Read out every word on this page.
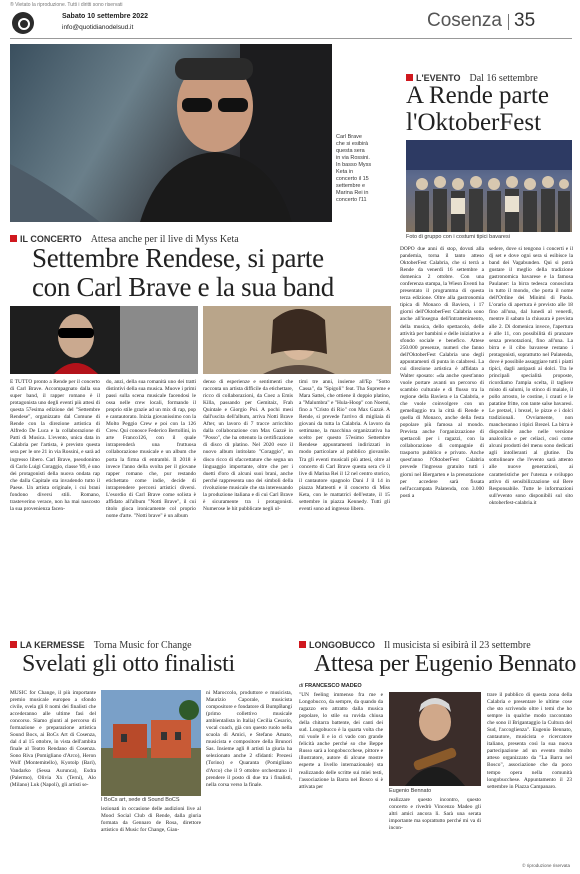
® Vietato la riproduzione. Tutti i diritti sono riservati
Sabato 10 settembre 2022
info@quotidianodelsud.it	Cosenza 35
Carl Brave
che si esibirà
questa sera
in via Rossini.
In basso Myss
Keta in
concerto il 15
settembre e
Marina Rei in
concerto l'11
L'EVENTO Dal 16 settembre
A Rende parte
l'OktoberFest
Foto di gruppo con i costumi tipici bavaresi
IL CONCERTO Attesa anche per il live di Myss Keta
Settembre Rendese, si parte
con Carl Brave e la sua band

È TUTTO pronto a Rende per il concerto di Carl Brave. Accompagnato dalla sua super band, il rapper romano è il protagonista uno degli eventi più attesi di questa 57esima edizione del "Settembre Rendese", organizzato dal Comune di Rende con la direzione artistica di Alfredo De Luca e la collaborazione di Patti di Musica. L'evento, unica data in Calabria per l'artista, è previsto questa sera per le ore 21 in via Rossini, e sarà ad ingresso libero. Carl Brave, pseudonimo di Carlo Luigi Coraggio, classe '89, è uno dei protagonisti della nuova ondata rap che dalla Capitale sta invadendo tutto il Paese. Un artista originale, i cui brani fondono diversi stili. Romano, trasteverino verace, non ha mai nascosto la sua provenienza facen-

do, anzi, della sua romanità uno dei tratti distintivi della sua musica. Muove i primi passi sulla scena musicale facendosi le ossa nelle crew locali, formando il proprio stile grazie ad un mix di rap, pop e cantautorato. Inizia giovanissimo con la Molto Peggio Crew e poi con la 126 Crew. Qui conosce Federico Bertollini, in arte Franco126, con il quale intraprenderà una fruttuosa collaborazione musicale e un album che porta la firma di entrambi. Il 2018 è invece l'anno della svolta per il giovane rapper romano che, pur restando etichettato come indie, decide di intraprendere percorsi artistici diversi. L'esordio di Carl Brave come solista è affidato all'album "Notti Brave", il cui titolo gioca ironicamente col proprio nome d'arte. "Notti brave" è un album

denso di esperienze e sentimenti che racconta un artista difficile da etichettare, ricco di collaborazioni, da Coez a Emis Killa, passando per Gemitaiz, Frah Quintale e Giorgio Poi. A pochi mesi dall'uscita dell'album, arriva Notti Brave After, un lavoro di 7 tracce arricchito dalla collaborazione con Max Gazzè in "Posso", che ha ottenuto la certificazione di disco di platino. Nel 2020 esce il nuovo album intitolato "Coraggio", un disco ricco di sfaccettature che segna un linguaggio importante, oltre che per i duetti d'oro di alcuni suoi brani, anche perché rappresenta uno dei simboli della rivoluzione musicale che sta interessando la produzione italiana e di cui Carl Brave è sicuramente tra i protagonisti. Numerose le hit pubblicate negli ul-

timi tre anni, insieme all'Ep "Sotto Cassa", da "Spigoli" feat. Tha Supreme e Mara Sattei, che ottiene il doppio platino, a "Malumbra" e "Hula-Hoop" con Noemi, fino a "Cristo di Rio" con Max Gazzè. A Rende, si prevede l'arrivo di migliaia di giovani da tutta la Calabria. A lavoro da settimane, la macchina organizzativa ha scelto per questo 57esimo Settembre Rendese appuntamenti indirizzati in modo particolare al pubblico giovanile. Tra gli eventi musicali più attesi, oltre al concerto di Carl Brave questa sera c'è il live di Marina Rei il 12 nel centro storico, il cantautore spagnolo Dani J il 14 in piazza Matteotti e il concerto di Miss Keta, con le mattatrici dell'estate, il 15 settembre in piazza Kennedy. Tutti gli eventi sono ad ingresso libero.

DOPO due anni di stop, dovuti alla pandemia, torna il tanto atteso OktoberFest Calabria, che si terrà a Rende da venerdì 16 settembre a domenica 2 ottobre. Con una conferenza stampa, la Wiesn Eventi ha presentato il programma di questa terza edizione. Oltre alla gastronomia tipica di Monaco di Baviera, i 17 giorni dell'OktoberFest Calabria sono anche all'insegna dell'intrattenimento, della musica, dello spettacolo, delle attività per bambini e delle iniziative a sfondo sociale e benefico. Attese 250.000 presenze, numeri che fanno dell'OktoberFest Calabria uno degli appuntamenti di punta in calabresi. La cui direzione artistica è affidata a Walter sposato: «da anche quest'anno vuole portare avanti un percorso di scambio culturale e di flusso tra la regione della Baviera e la Calabria, e che vuole coinvolgere con un gemellaggio tra la città di Rende e quella di Monaco, anche della festa popolare più famosa al mondo. Prevista anche l'organizzazione di spettacoli per i ragazzi, con la collaborazione di compagnie di trasporto pubblico e privato. Anche quest'anno l'OktoberFest Calabria prevede l'ingresso gratuito tutti i giorni nel Biergarten e la prenotazione per accedere sarà fissata nell'accampata Palatenda, con 3.000 posti a

sedere, dove si tengono i concerti e il dj set e dove ogni sera si esibisce la band dei Vagabunden. Qui si potrà gustare il meglio della tradizione gastronomica bavarese e la famosa Paulaner: la birra tedesca conosciuta in tutto il mondo, che porta il nome dell'Ordine dei Minimi di Paola. L'orario di apertura è previsto alle 18 fino all'una, dal lunedì al venerdì, mentre il sabato la chiusura è prevista alle 2. Di domenica invece, l'apertura è alle 11, con possibilità di pranzare senza prenotazioni, fino all'una. La birra e il cibo bavarese restano i protagonisti, soprattutto nel Palatenda, dove è possibile assaggiare tutti i piatti tipici, dagli antipasti ai dolci. Tra le principali specialità proposte, ricordiamo l'ampia scelta, il tagliere misto di salumi, lo stinco di maiale, il pollo arrosto, le costine, i crauti e le patatine fritte, con tante salse bavaresi. Le pretzel, i brezel, le pizze e i dolci tradizionali. Ovviamente, non mancheranno i tipici Brezel. La birra è disponibile anche nelle versione analcolica e per celiaci, così come alcuni prodotti del menu sono dedicati agli intolleranti al glutine. Da sottolineare che l'evento sarà attento alle nuove generazioni, ai caratteristiche per l'utenza e sviluppo attivo di sensibilizzazione sul Bere Responsabile. Tutte le informazioni sull'evento sono disponibili sul sito oktoberfest-calabria.it

LA KERMESSE Torna Music for Change
Svelati gli otto finalisti

MUSIC for Change, il più importante premio musicale europeo a sfondo civile, svela gli 8 nomi dei finalisti che accederanno alle ultime fasi del concorso. Siamo giunti al percorso di formazione e preparazione artistica Sound Bocs, ai BoCs Art di Cosenza, dal 4 al 15 ottobre, in vista dell'ambita finale al Teatro Rendano di Cosenza. Sono Riva (Pomigliano d'Arco), Heron Wolf (Montemitello), Kyotolp (Bari), Vandarko (Sessa Aurunca), Esdra (Palermo), Olivia Xx (Terni), Alo (Milano) Luk (Napoli), gli artisti se-

I BoCs art, sede di Sound BoCS

lezionati in occasione delle audizioni live al Mood Social Club di Rende, dalla giuria formata da Gennaro de Rosa, direttore artistico di Music for Change, Gian-

ni Maroccolo, produttore e musicista, Maurizio Caporale, musicista compositore e fondatore di BumpBangi (primo collettivo musicale ambientalista in Italia) Cecilia Cesario, vocal coach, già con questo ruolo nella scuola di Amici, e Stefano Amato, musicista e compositore della Brunori Sas. Insieme agli 8 artisti la giuria ha selezionato anche 2 sfidanti: Prezesi (Torino) e Quaranta (Pomigliano d'Arco) che il 9 ottobre orchestrano il prendere il posto di due tra i finalisti, nella corsa verso la finale.

LONGOBUCCO Il musicista si esibirà il 23 settembre
Attesa per Eugenio Bennato
di FRANCESCO MADEO

"UN feeling immenso fra me e Longobucco, da sempre, da quando da ragazzo ero attratto dalla musica popolare, lo stile su ruvida chiusa della chitarra battente, dei canti dei sud. Longobucco è la quarta volta che mi vuole lì e io ci vado con grande felicità anche perché so che Beppe Russo sarà a longobuccchese, pittore e illustratore, autore di alcune mostre esperte a livello internazionale) sta realizzando delle scritte sui miei testi, l'associazione la Barra nel Bosco si è attivata per

Eugenio Bennato

realizzare questo incontro, questo concerto e rivedrò Vincenzo Madeo gli altri amici ancora lì. Sarà una serata importante ma soprattutto perché mi va di incon-

trare il pubblico di questa zona della Calabria e presentare le ultime cose che sto scrivendo oltre i temi che ho sempre in qualche modo raccontato che sono il Brigantaggio la Cultura del Sud, l'accoglienza". Eugenio Bennato, cantautore, musicista e ricercatore italiano, presenta così la sua nuova partecipazione ad un evento molto atteso organizzato da "La Barra nel Bosco", associazione che da poco tempo opera nella comunità longobucchese. Appuntamento il 23 settembre in Piazza Campanaro.

© riproduzione riservata
